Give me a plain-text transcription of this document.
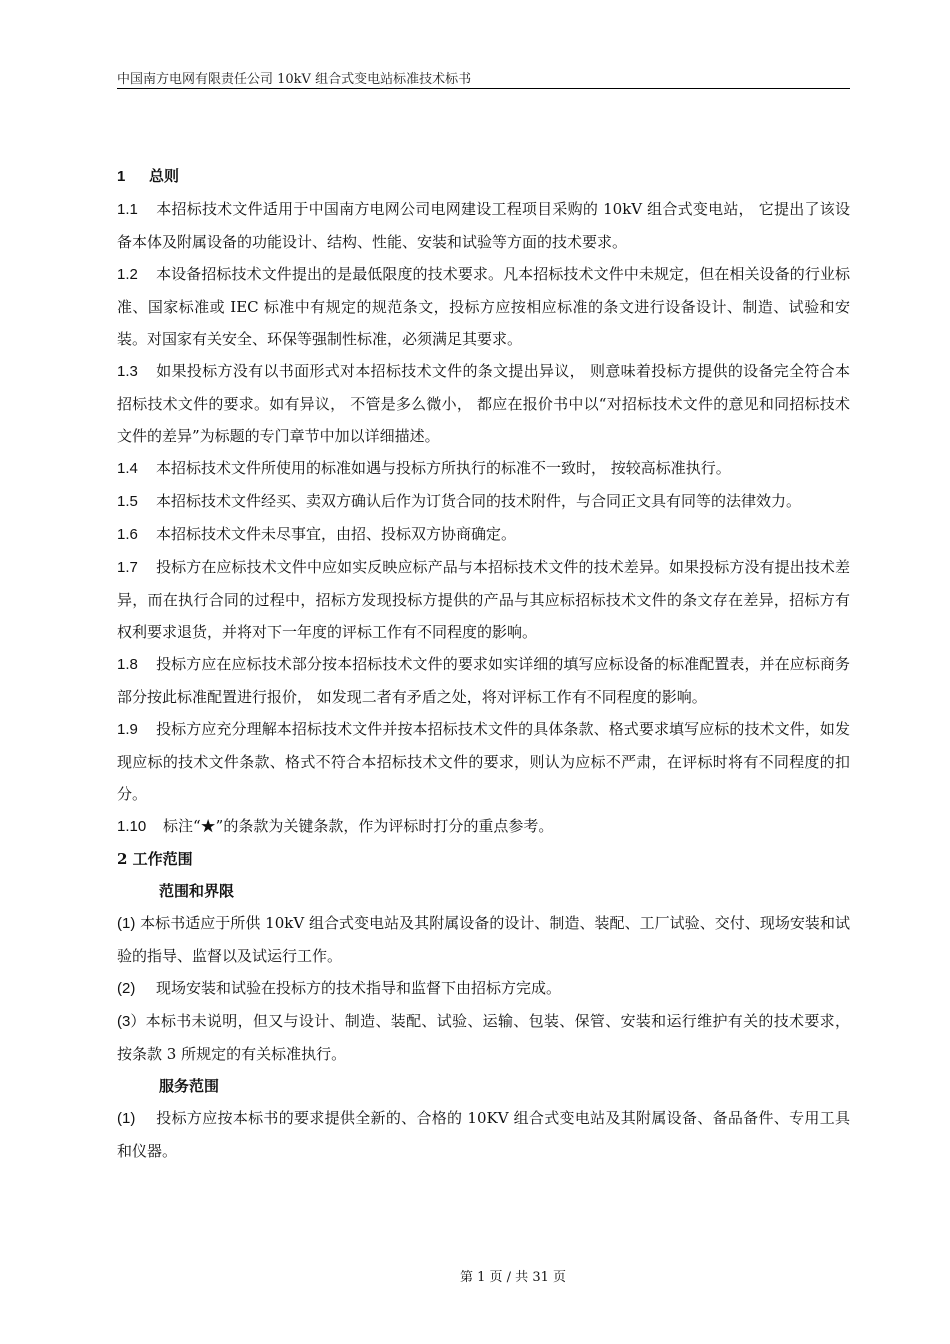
中国南方电网有限责任公司 10kV 组合式变电站标准技术标书

1 总则

1.1 本招标技术文件适用于中国南方电网公司电网建设工程项目采购的 10kV 组合式变电站， 它提出了该设备本体及附属设备的功能设计、结构、性能、安装和试验等方面的技术要求。

1.2 本设备招标技术文件提出的是最低限度的技术要求。凡本招标技术文件中未规定，但在相关设备的行业标准、国家标准或 IEC 标准中有规定的规范条文，投标方应按相应标准的条文进行设备设计、制造、试验和安装。对国家有关安全、环保等强制性标准，必须满足其要求。

1.3 如果投标方没有以书面形式对本招标技术文件的条文提出异议， 则意味着投标方提供的设备完全符合本招标技术文件的要求。如有异议， 不管是多么微小， 都应在报价书中以“对招标技术文件的意见和同招标技术文件的差异”为标题的专门章节中加以详细描述。

1.4 本招标技术文件所使用的标准如遇与投标方所执行的标准不一致时， 按较高标准执行。

1.5 本招标技术文件经买、卖双方确认后作为订货合同的技术附件，与合同正文具有同等的法律效力。

1.6 本招标技术文件未尽事宜，由招、投标双方协商确定。

1.7 投标方在应标技术文件中应如实反映应标产品与本招标技术文件的技术差异。如果投标方没有提出技术差异，而在执行合同的过程中，招标方发现投标方提供的产品与其应标招标技术文件的条文存在差异，招标方有权利要求退货，并将对下一年度的评标工作有不同程度的影响。

1.8 投标方应在应标技术部分按本招标技术文件的要求如实详细的填写应标设备的标准配置表，并在应标商务部分按此标准配置进行报价， 如发现二者有矛盾之处，将对评标工作有不同程度的影响。

1.9 投标方应充分理解本招标技术文件并按本招标技术文件的具体条款、格式要求填写应标的技术文件，如发现应标的技术文件条款、格式不符合本招标技术文件的要求，则认为应标不严肃，在评标时将有不同程度的扣分。

1.10 标注“★”的条款为关键条款，作为评标时打分的重点参考。

2 工作范围

范围和界限

(1) 本标书适应于所供 10kV 组合式变电站及其附属设备的设计、制造、装配、工厂试验、交付、现场安装和试验的指导、监督以及试运行工作。

(2) 现场安装和试验在投标方的技术指导和监督下由招标方完成。

(3）本标书未说明，但又与设计、制造、装配、试验、运输、包装、保管、安装和运行维护有关的技术要求，按条款 3 所规定的有关标准执行。

服务范围

(1) 投标方应按本标书的要求提供全新的、合格的 10KV 组合式变电站及其附属设备、备品备件、专用工具和仪器。

第 1 页 / 共 31 页
